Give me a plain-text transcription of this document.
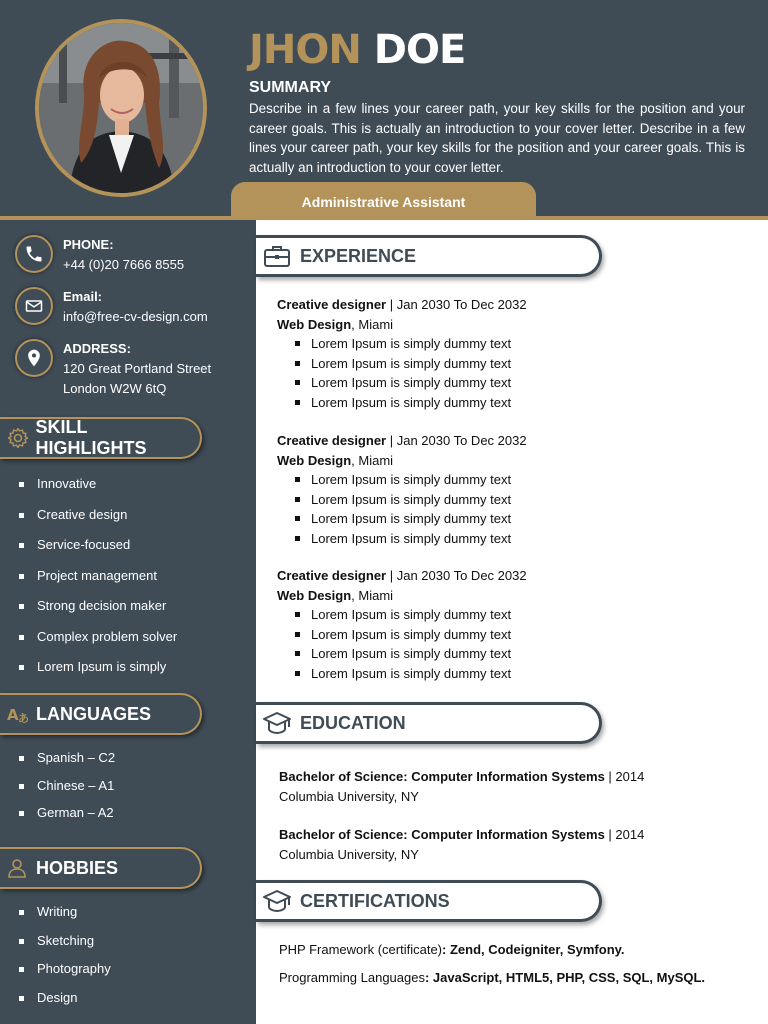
JHON DOE
SUMMARY
Describe in a few lines your career path, your key skills for the position and your career goals. This is actually an introduction to your cover letter. Describe in a few lines your career path, your key skills for the position and your career goals. This is actually an introduction to your cover letter.
Administrative Assistant
PHONE:
+44 (0)20 7666 8555
Email:
info@free-cv-design.com
ADDRESS:
120 Great Portland Street
London W2W 6tQ
SKILL HIGHLIGHTS
Innovative
Creative design
Service-focused
Project management
Strong decision maker
Complex problem solver
Lorem Ipsum is simply
A あ LANGUAGES
Spanish – C2
Chinese – A1
German – A2
HOBBIES
Writing
Sketching
Photography
Design
EXPERIENCE
Creative designer | Jan 2030 To Dec 2032
Web Design, Miami
Lorem Ipsum is simply dummy text
Lorem Ipsum is simply dummy text
Lorem Ipsum is simply dummy text
Lorem Ipsum is simply dummy text
Creative designer | Jan 2030 To Dec 2032
Web Design, Miami
Lorem Ipsum is simply dummy text
Lorem Ipsum is simply dummy text
Lorem Ipsum is simply dummy text
Lorem Ipsum is simply dummy text
Creative designer | Jan 2030 To Dec 2032
Web Design, Miami
Lorem Ipsum is simply dummy text
Lorem Ipsum is simply dummy text
Lorem Ipsum is simply dummy text
Lorem Ipsum is simply dummy text
EDUCATION
Bachelor of Science: Computer Information Systems | 2014
Columbia University, NY
Bachelor of Science: Computer Information Systems | 2014
Columbia University, NY
CERTIFICATIONS
PHP Framework (certificate): Zend, Codeigniter, Symfony.
Programming Languages: JavaScript, HTML5, PHP, CSS, SQL, MySQL.
